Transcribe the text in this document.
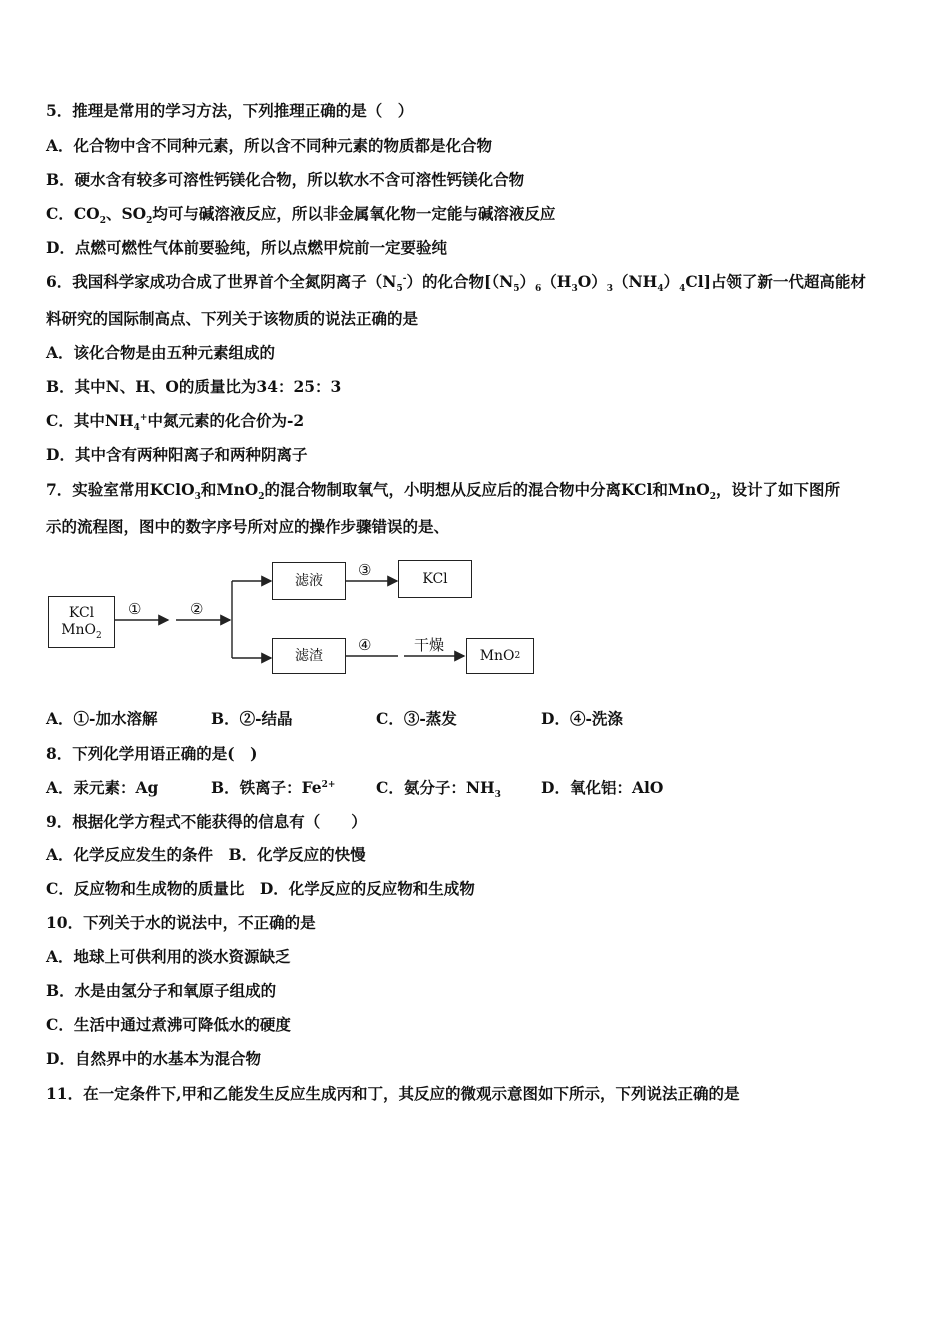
5．推理是常用的学习方法，下列推理正确的是（　）
A．化合物中含不同种元素，所以含不同种元素的物质都是化合物
B．硬水含有较多可溶性钙镁化合物，所以软水不含可溶性钙镁化合物
C．$CO_2$、$SO_2$均可与碱溶液反应，所以非金属氧化物一定能与碱溶液反应
D．点燃可燃性气体前要验纯，所以点燃甲烷前一定要验纯
6．我国科学家成功合成了世界首个全氮阴离子$(N_5^-)$的化合物$[(N_5)_6(H_3O)_3(NH_4)_4Cl]$占领了新一代超高能材
料研究的国际制高点、下列关于该物质的说法正确的是
A．该化合物是由五种元素组成的
B．其中N、H、O的质量比为34：25：3
C．其中$NH_4^+$中氮元素的化合价为-2
D．其中含有两种阳离子和两种阴离子
7．实验室常用KClO$_3$和MnO$_2$的混合物制取氧气，小明想从反应后的混合物中分离KCl和MnO$_2$，设计了如下图所
示的流程图，图中的数字序号所对应的操作步骤错误的是、
KCl
MnO$_2$
①	②
滤液
③	KCl
滤渣
④	干燥
MnO 2
A．①-加水溶解	B．②-结晶	C．③-蒸发	D．④-洗涤
8．下列化学用语正确的是(　)
A．汞元素：Ag	B．铁离子：$Fe^{2+}$	C．氨分子：$NH_3$	D．氧化铝：AlO
9．根据化学方程式不能获得的信息有（　　）
A．化学反应发生的条件　B．化学反应的快慢
C．反应物和生成物的质量比　D．化学反应的反应物和生成物
10．下列关于水的说法中，不正确的是
A．地球上可供利用的淡水资源缺乏
B．水是由氢分子和氧原子组成的
C．生活中通过煮沸可降低水的硬度
D．自然界中的水基本为混合物
11．在一定条件下,甲和乙能发生反应生成丙和丁，其反应的微观示意图如下所示，下列说法正确的是
